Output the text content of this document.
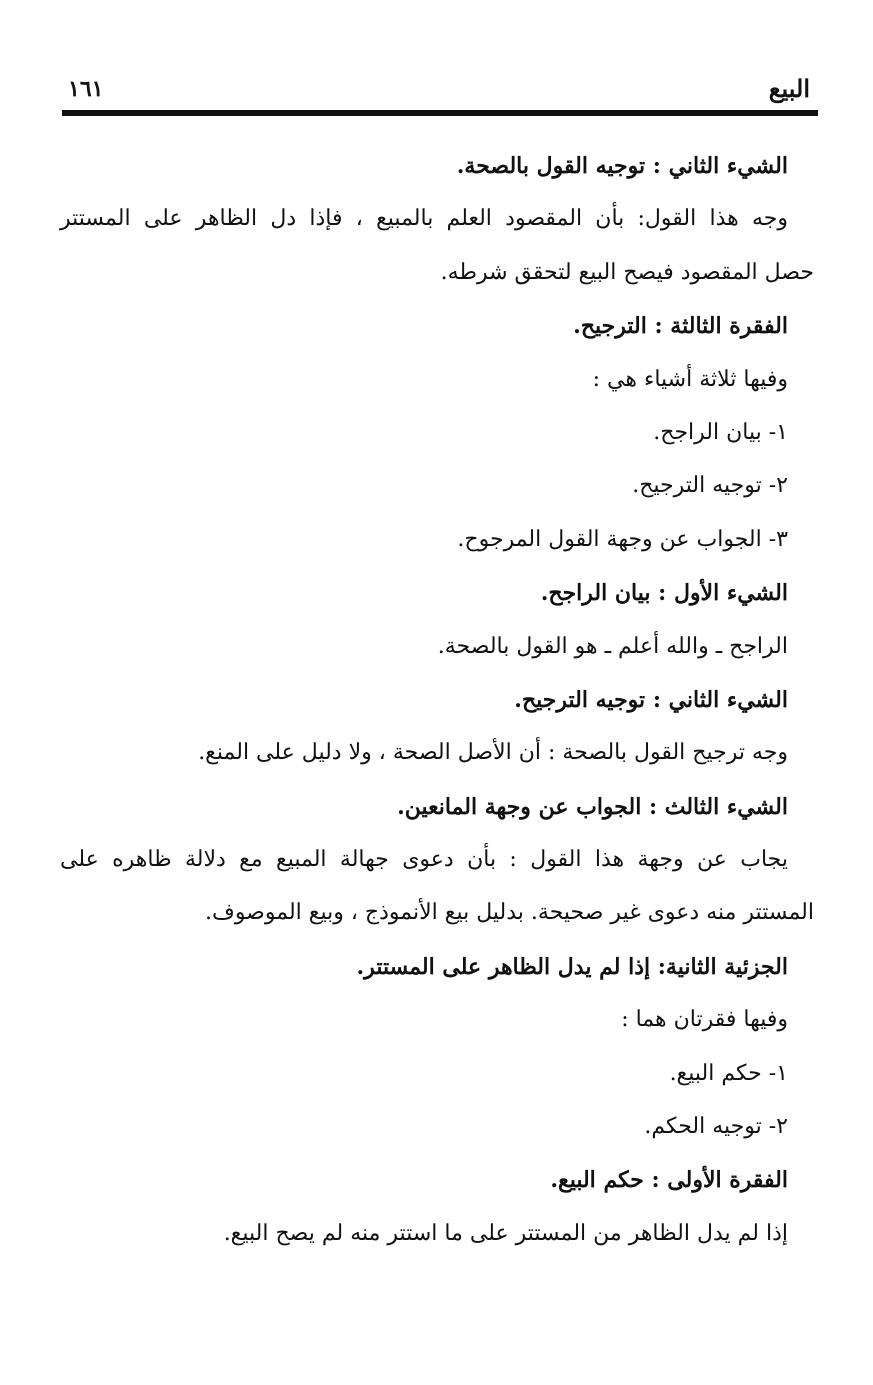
البيع
١٦١
الشيء الثاني : توجيه القول بالصحة.
وجه هذا القول: بأن المقصود العلم بالمبيع ، فإذا دل الظاهر على المستتر
حصل المقصود فيصح البيع لتحقق شرطه.
الفقرة الثالثة : الترجيح.
وفيها ثلاثة أشياء هي :
١- بيان الراجح.
٢- توجيه الترجيح.
٣- الجواب عن وجهة القول المرجوح.
الشيء الأول : بيان الراجح.
الراجح ـ والله أعلم ـ هو القول بالصحة.
الشيء الثاني : توجيه الترجيح.
وجه ترجيح القول بالصحة : أن الأصل الصحة ، ولا دليل على المنع.
الشيء الثالث : الجواب عن وجهة المانعين.
يجاب عن وجهة هذا القول : بأن دعوى جهالة المبيع مع دلالة ظاهره على
المستتر منه دعوى غير صحيحة. بدليل بيع الأنموذج ، وبيع الموصوف.
الجزئية الثانية: إذا لم يدل الظاهر على المستتر.
وفيها فقرتان هما :
١- حكم البيع.
٢- توجيه الحكم.
الفقرة الأولى : حكم البيع.
إذا لم يدل الظاهر من المستتر على ما استتر منه لم يصح البيع.
